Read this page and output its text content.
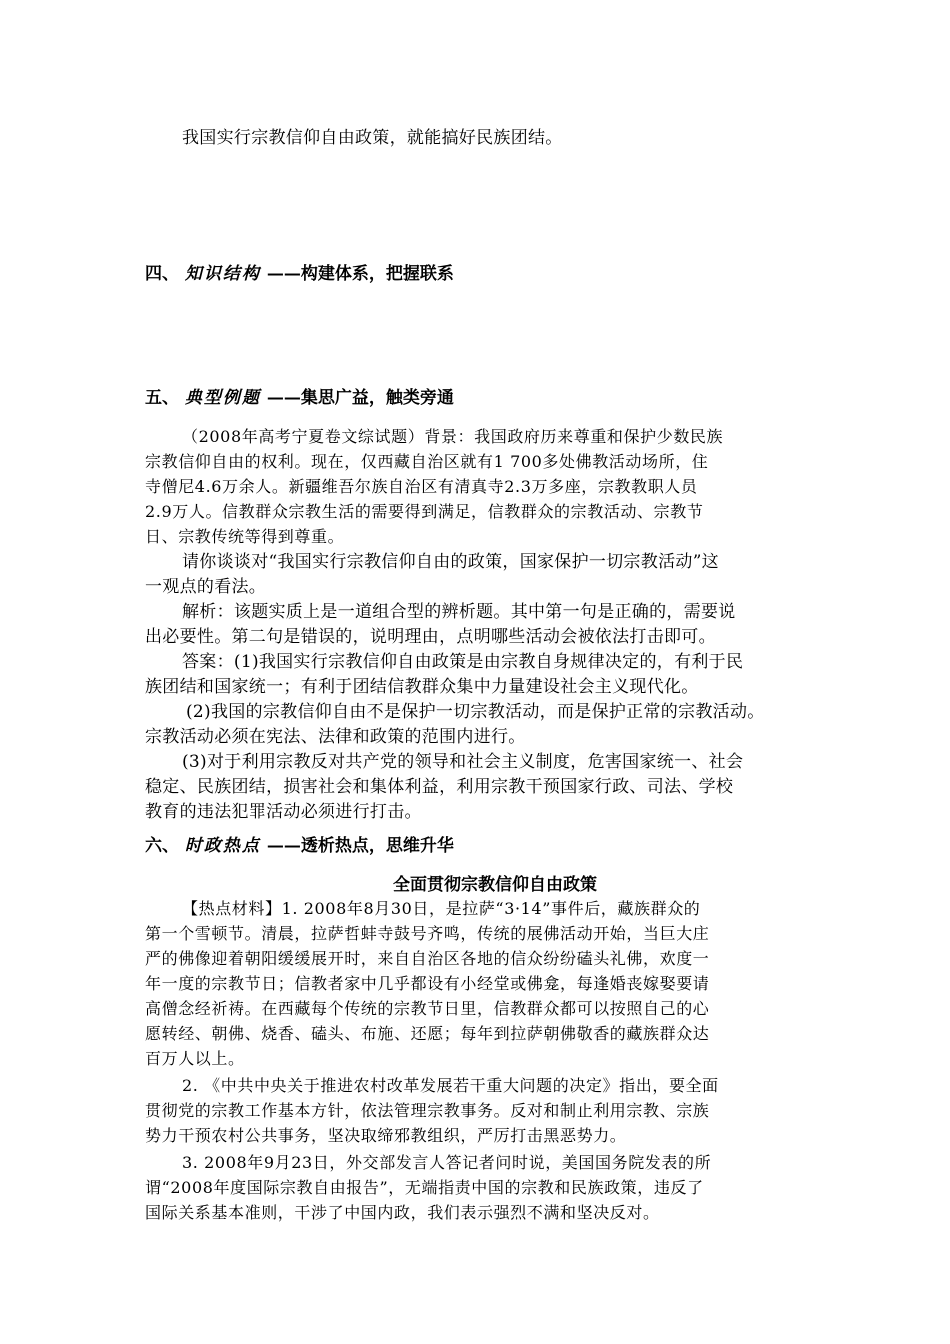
我国实行宗教信仰自由政策，就能搞好民族团结。
四、 知识结构 ——构建体系，把握联系
五、 典型例题 ——集思广益，触类旁通
（2008年高考宁夏卷文综试题）背景：我国政府历来尊重和保护少数民族
宗教信仰自由的权利。现在，仅西藏自治区就有1 700多处佛教活动场所，住
寺僧尼4.6万余人。新疆维吾尔族自治区有清真寺2.3万多座，宗教教职人员
2.9万人。信教群众宗教生活的需要得到满足，信教群众的宗教活动、宗教节
日、宗教传统等得到尊重。
请你谈谈对“我国实行宗教信仰自由的政策，国家保护一切宗教活动”这
一观点的看法。
解析：该题实质上是一道组合型的辨析题。其中第一句是正确的，需要说
出必要性。第二句是错误的，说明理由，点明哪些活动会被依法打击即可。
答案：(1)我国实行宗教信仰自由政策是由宗教自身规律决定的，有利于民
族团结和国家统一；有利于团结信教群众集中力量建设社会主义现代化。
(2)我国的宗教信仰自由不是保护一切宗教活动，而是保护正常的宗教活动。
宗教活动必须在宪法、法律和政策的范围内进行。
(3)对于利用宗教反对共产党的领导和社会主义制度，危害国家统一、社会
稳定、民族团结，损害社会和集体利益，利用宗教干预国家行政、司法、学校
教育的违法犯罪活动必须进行打击。
六、 时政热点 ——透析热点，思维升华
全面贯彻宗教信仰自由政策
【热点材料】1. 2008年8月30日，是拉萨“3·14”事件后，藏族群众的
第一个雪顿节。清晨，拉萨哲蚌寺鼓号齐鸣，传统的展佛活动开始，当巨大庄
严的佛像迎着朝阳缓缓展开时，来自自治区各地的信众纷纷磕头礼佛，欢度一
年一度的宗教节日；信教者家中几乎都设有小经堂或佛龛，每逢婚丧嫁娶要请
高僧念经祈祷。在西藏每个传统的宗教节日里，信教群众都可以按照自己的心
愿转经、朝佛、烧香、磕头、布施、还愿；每年到拉萨朝佛敬香的藏族群众达
百万人以上。
2. 《中共中央关于推进农村改革发展若干重大问题的决定》指出，要全面
贯彻党的宗教工作基本方针，依法管理宗教事务。反对和制止利用宗教、宗族
势力干预农村公共事务，坚决取缔邪教组织，严厉打击黑恶势力。
3. 2008年9月23日，外交部发言人答记者问时说，美国国务院发表的所
谓“2008年度国际宗教自由报告”，无端指责中国的宗教和民族政策，违反了
国际关系基本准则，干涉了中国内政，我们表示强烈不满和坚决反对。
